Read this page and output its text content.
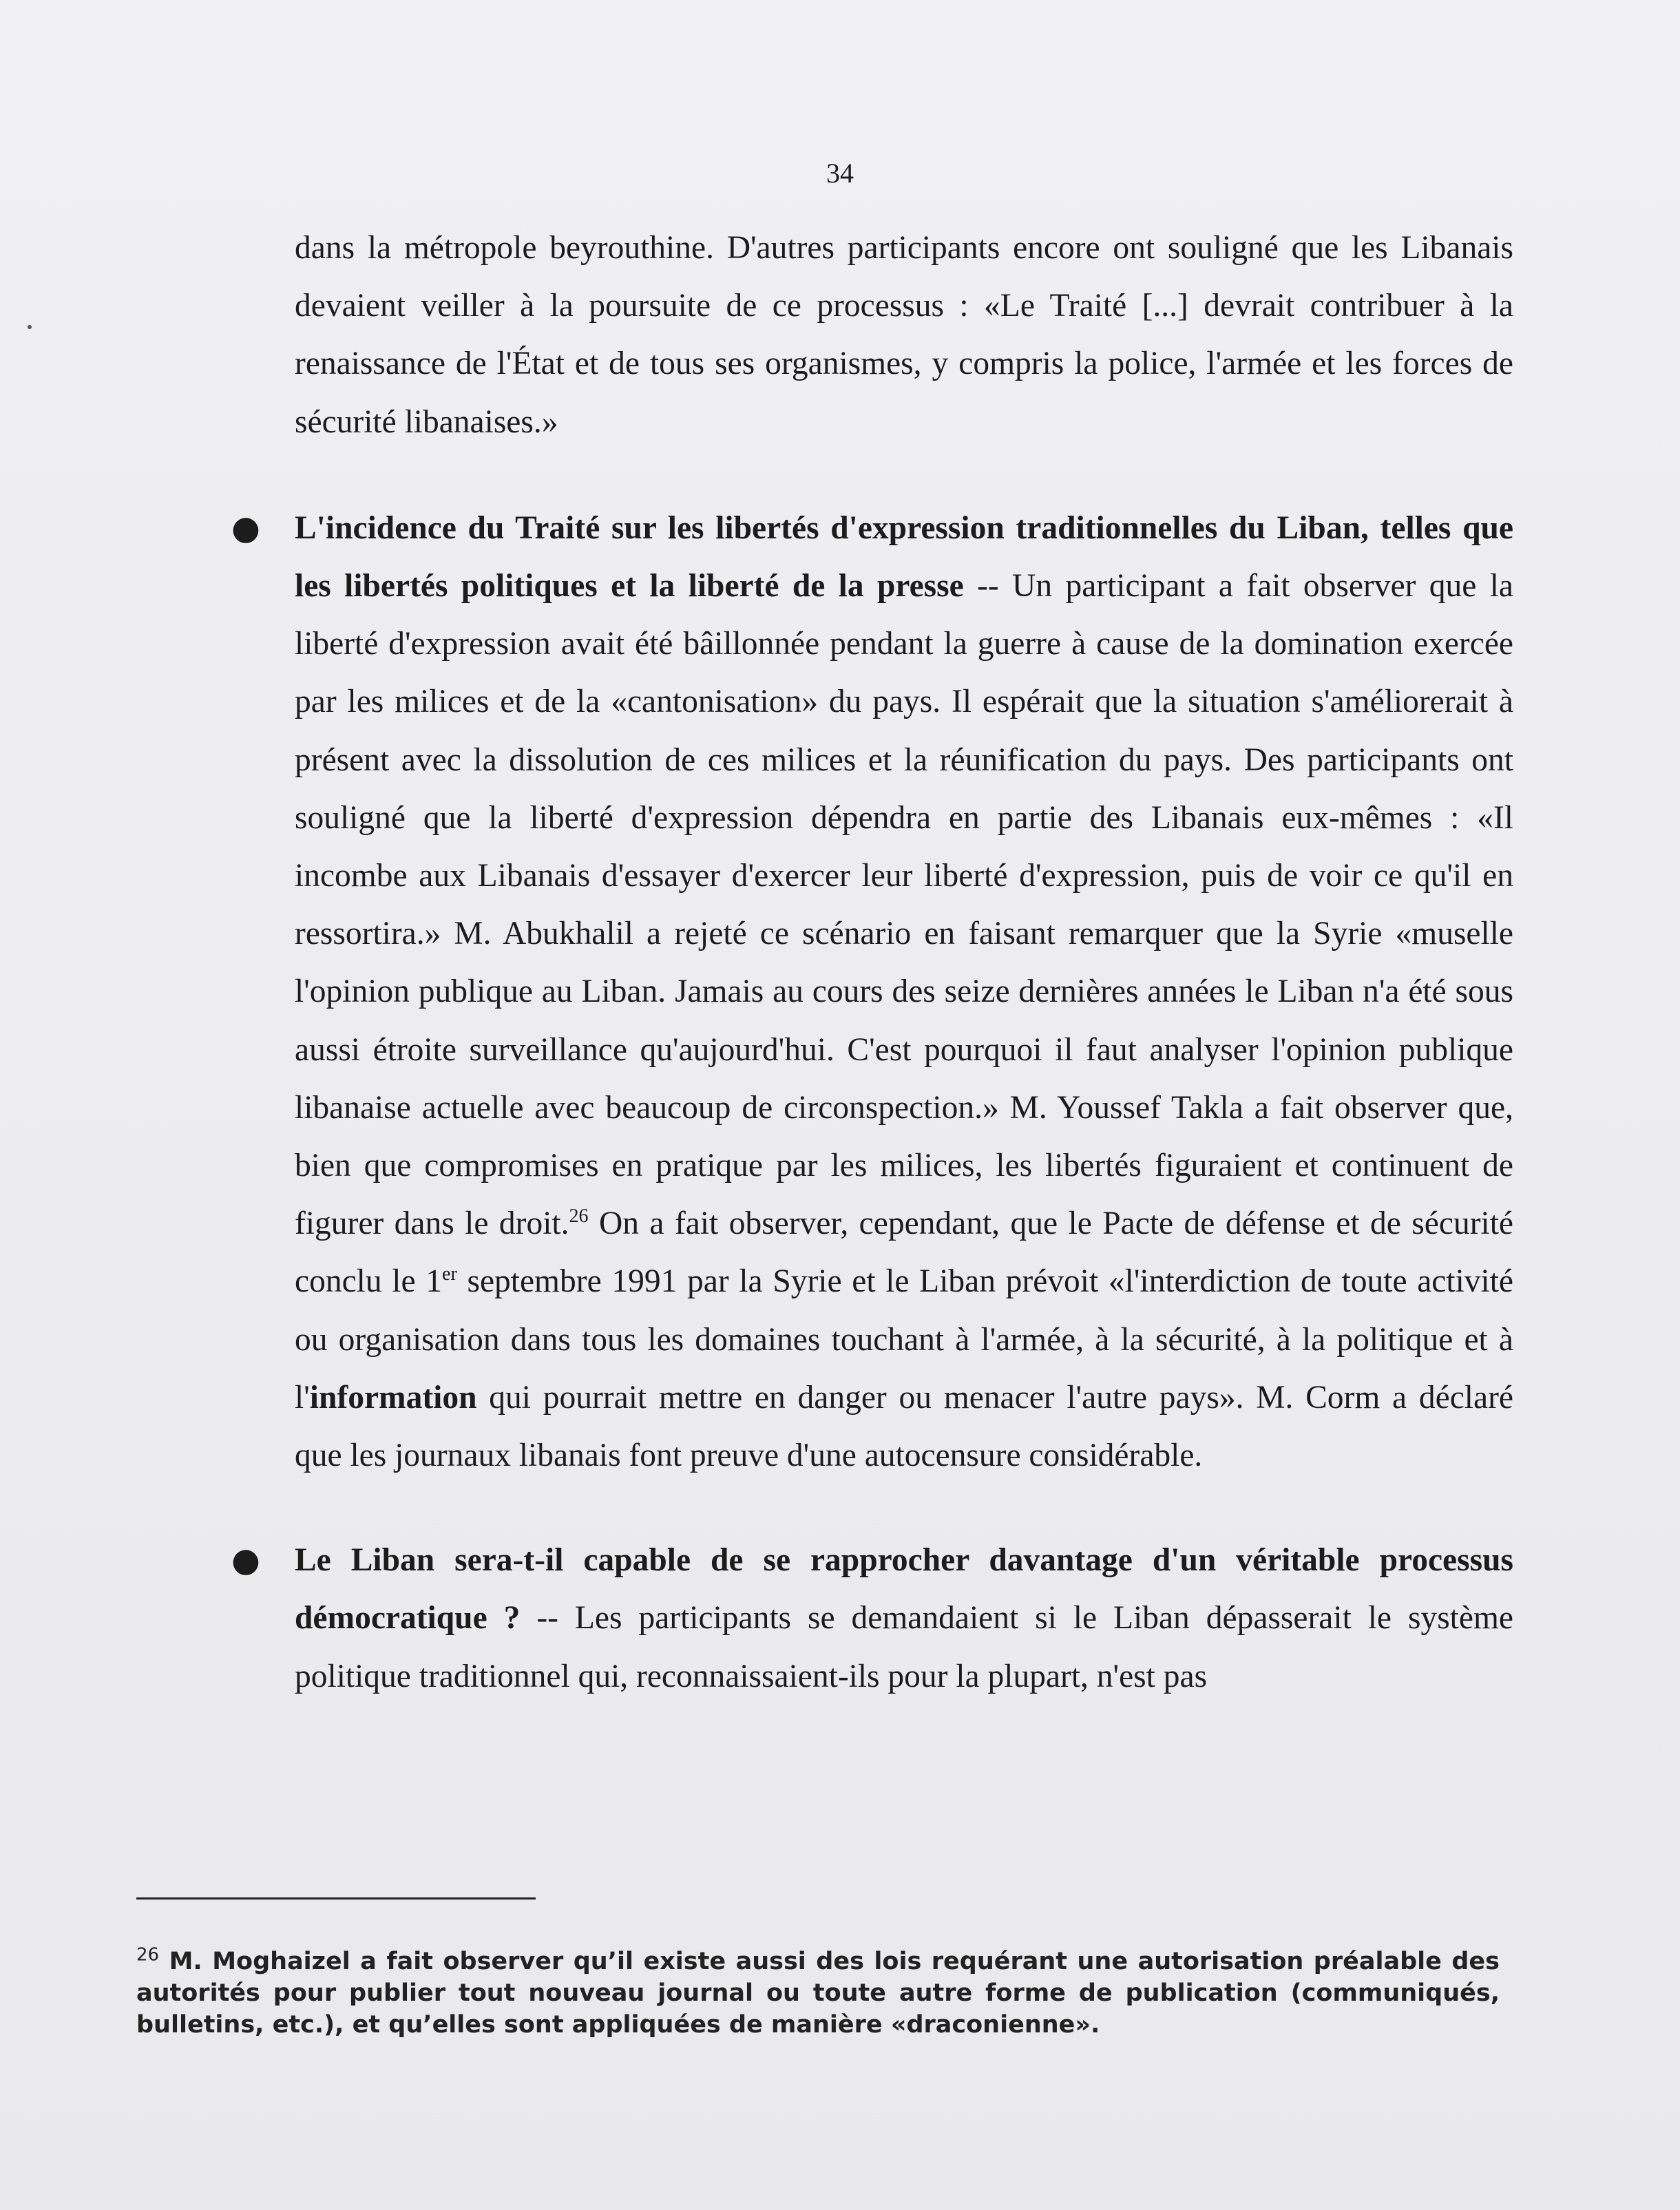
34

dans la métropole beyrouthine. D'autres participants encore ont souligné que les Libanais devaient veiller à la poursuite de ce processus : «Le Traité [...] devrait contribuer à la renaissance de l'État et de tous ses organismes, y compris la police, l'armée et les forces de sécurité libanaises.»

● L'incidence du Traité sur les libertés d'expression traditionnelles du Liban, telles que les libertés politiques et la liberté de la presse -- Un participant a fait observer que la liberté d'expression avait été bâillonnée pendant la guerre à cause de la domination exercée par les milices et de la «cantonisation» du pays. Il espérait que la situation s'améliorerait à présent avec la dissolution de ces milices et la réunification du pays. Des participants ont souligné que la liberté d'expression dépendra en partie des Libanais eux-mêmes : «Il incombe aux Libanais d'essayer d'exercer leur liberté d'expression, puis de voir ce qu'il en ressortira.» M. Abukhalil a rejeté ce scénario en faisant remarquer que la Syrie «muselle l'opinion publique au Liban. Jamais au cours des seize dernières années le Liban n'a été sous aussi étroite surveillance qu'aujourd'hui. C'est pourquoi il faut analyser l'opinion publique libanaise actuelle avec beaucoup de circonspection.» M. Youssef Takla a fait observer que, bien que compromises en pratique par les milices, les libertés figuraient et continuent de figurer dans le droit.$^{26}$ On a fait observer, cependant, que le Pacte de défense et de sécurité conclu le 1er septembre 1991 par la Syrie et le Liban prévoit «l'interdiction de toute activité ou organisation dans tous les domaines touchant à l'armée, à la sécurité, à la politique et à l'information qui pourrait mettre en danger ou menacer l'autre pays». M. Corm a déclaré que les journaux libanais font preuve d'une autocensure considérable.

● Le Liban sera-t-il capable de se rapprocher davantage d'un véritable processus démocratique ? -- Les participants se demandaient si le Liban dépasserait le système politique traditionnel qui, reconnaissaient-ils pour la plupart, n'est pas

$^{26}$ M. Moghaizel a fait observer qu’il existe aussi des lois requérant une autorisation préalable des autorités pour publier tout nouveau journal ou toute autre forme de publication (communiqués, bulletins, etc.), et qu’elles sont appliquées de manière «draconienne».
